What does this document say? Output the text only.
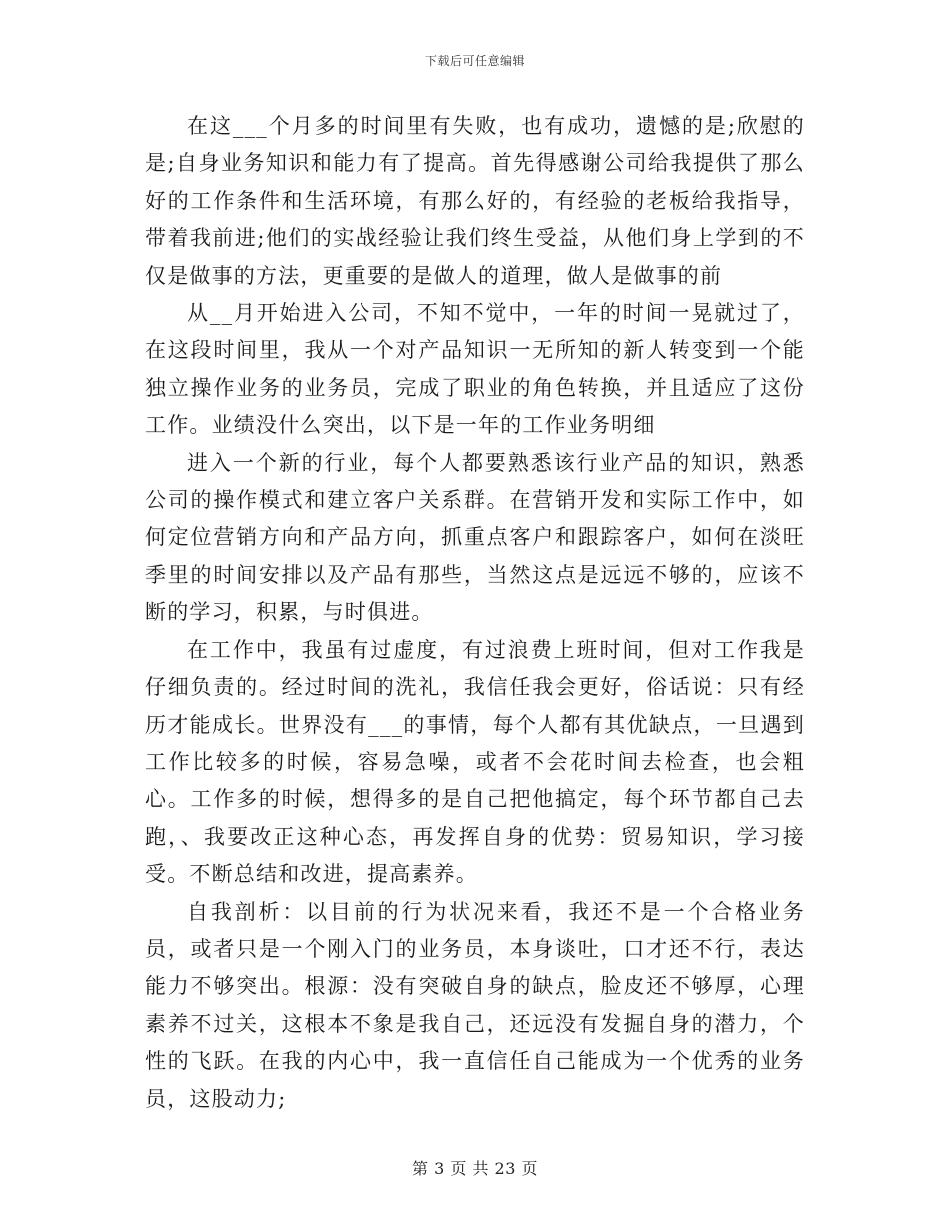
下载后可任意编辑

在这___个月多的时间里有失败，也有成功，遗憾的是;欣慰的是;自身业务知识和能力有了提高。首先得感谢公司给我提供了那么好的工作条件和生活环境，有那么好的，有经验的老板给我指导，带着我前进;他们的实战经验让我们终生受益，从他们身上学到的不仅是做事的方法，更重要的是做人的道理，做人是做事的前

从__月开始进入公司，不知不觉中，一年的时间一晃就过了，在这段时间里，我从一个对产品知识一无所知的新人转变到一个能独立操作业务的业务员，完成了职业的角色转换，并且适应了这份工作。业绩没什么突出，以下是一年的工作业务明细

进入一个新的行业，每个人都要熟悉该行业产品的知识，熟悉公司的操作模式和建立客户关系群。在营销开发和实际工作中，如何定位营销方向和产品方向，抓重点客户和跟踪客户，如何在淡旺季里的时间安排以及产品有那些，当然这点是远远不够的，应该不断的学习，积累，与时俱进。

在工作中，我虽有过虚度，有过浪费上班时间，但对工作我是仔细负责的。经过时间的洗礼，我信任我会更好，俗话说：只有经历才能成长。世界没有___的事情，每个人都有其优缺点，一旦遇到工作比较多的时候，容易急噪，或者不会花时间去检查，也会粗心。工作多的时候，想得多的是自己把他搞定，每个环节都自己去跑，、我要改正这种心态，再发挥自身的优势：贸易知识，学习接受。不断总结和改进，提高素养。

自我剖析：以目前的行为状况来看，我还不是一个合格业务员，或者只是一个刚入门的业务员，本身谈吐，口才还不行，表达能力不够突出。根源：没有突破自身的缺点，脸皮还不够厚，心理素养不过关，这根本不象是我自己，还远没有发掘自身的潜力，个性的飞跃。在我的内心中，我一直信任自己能成为一个优秀的业务员，这股动力;

第 3 页 共 23 页
